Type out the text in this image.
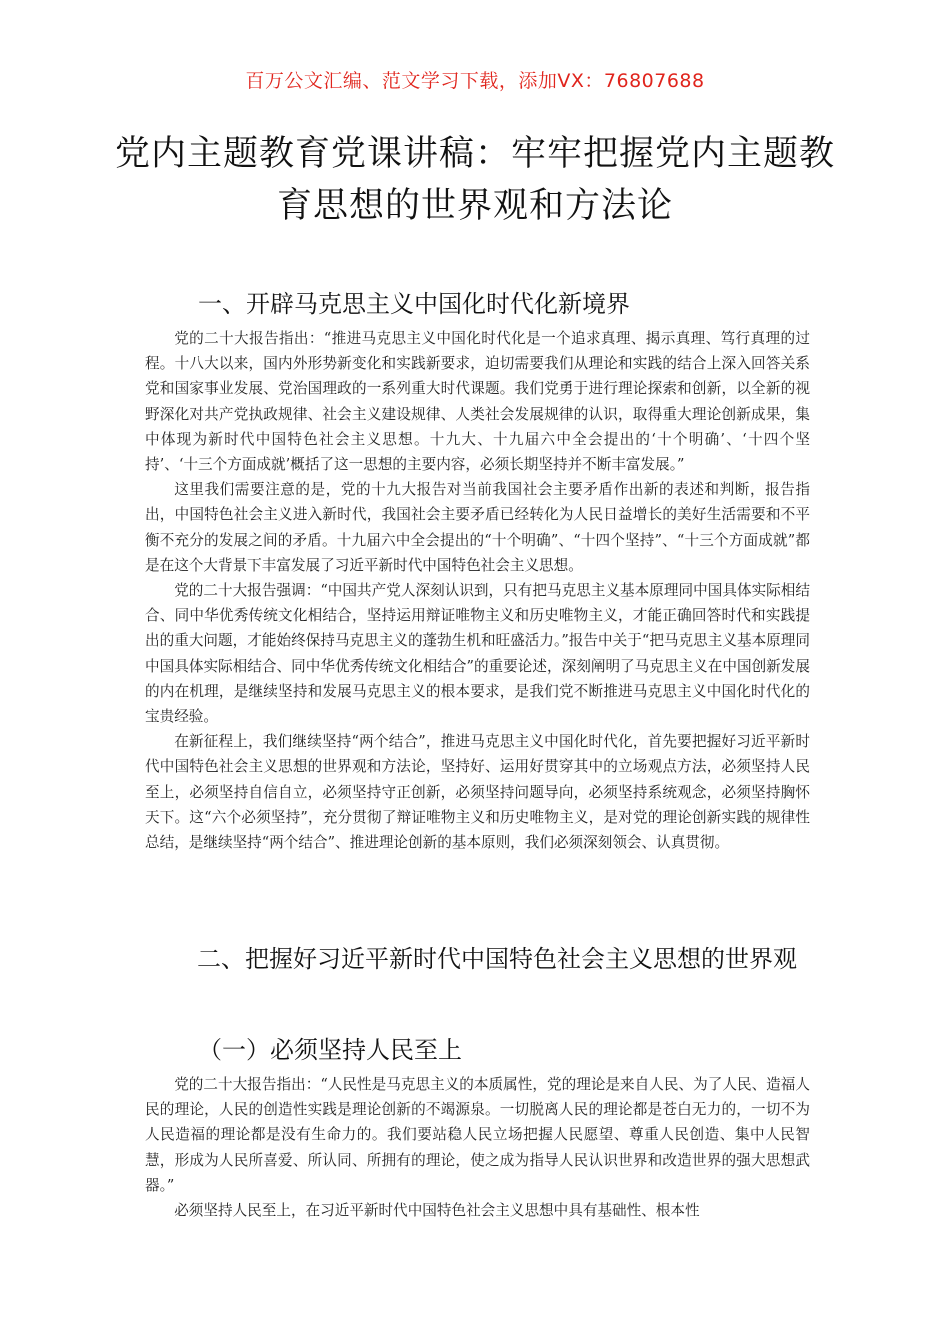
百万公文汇编、范文学习下载，添加VX：76807688
党内主题教育党课讲稿：牢牢把握党内主题教育思想的世界观和方法论
一、开辟马克思主义中国化时代化新境界

党的二十大报告指出：“推进马克思主义中国化时代化是一个追求真理、揭示真理、笃行真理的过程。十八大以来，国内外形势新变化和实践新要求，迫切需要我们从理论和实践的结合上深入回答关系党和国家事业发展、党治国理政的一系列重大时代课题。我们党勇于进行理论探索和创新，以全新的视野深化对共产党执政规律、社会主义建设规律、人类社会发展规律的认识，取得重大理论创新成果，集中体现为新时代中国特色社会主义思想。十九大、十九届六中全会提出的‘十个明确’、‘十四个坚持’、‘十三个方面成就’概括了这一思想的主要内容，必须长期坚持并不断丰富发展。”

这里我们需要注意的是，党的十九大报告对当前我国社会主要矛盾作出新的表述和判断，报告指出，中国特色社会主义进入新时代，我国社会主要矛盾已经转化为人民日益增长的美好生活需要和不平衡不充分的发展之间的矛盾。十九届六中全会提出的“十个明确”、“十四个坚持”、“十三个方面成就”都是在这个大背景下丰富发展了习近平新时代中国特色社会主义思想。

党的二十大报告强调：“中国共产党人深刻认识到，只有把马克思主义基本原理同中国具体实际相结合、同中华优秀传统文化相结合，坚持运用辩证唯物主义和历史唯物主义，才能正确回答时代和实践提出的重大问题，才能始终保持马克思主义的蓬勃生机和旺盛活力。”报告中关于“把马克思主义基本原理同中国具体实际相结合、同中华优秀传统文化相结合”的重要论述，深刻阐明了马克思主义在中国创新发展的内在机理，是继续坚持和发展马克思主义的根本要求，是我们党不断推进马克思主义中国化时代化的宝贵经验。

在新征程上，我们继续坚持“两个结合”，推进马克思主义中国化时代化，首先要把握好习近平新时代中国特色社会主义思想的世界观和方法论，坚持好、运用好贯穿其中的立场观点方法，必须坚持人民至上，必须坚持自信自立，必须坚持守正创新，必须坚持问题导向，必须坚持系统观念，必须坚持胸怀天下。这“六个必须坚持”，充分贯彻了辩证唯物主义和历史唯物主义，是对党的理论创新实践的规律性总结，是继续坚持“两个结合”、推进理论创新的基本原则，我们必须深刻领会、认真贯彻。

二、把握好习近平新时代中国特色社会主义思想的世界观
（一）必须坚持人民至上

党的二十大报告指出：“人民性是马克思主义的本质属性，党的理论是来自人民、为了人民、造福人民的理论，人民的创造性实践是理论创新的不竭源泉。一切脱离人民的理论都是苍白无力的，一切不为人民造福的理论都是没有生命力的。我们要站稳人民立场把握人民愿望、尊重人民创造、集中人民智慧，形成为人民所喜爱、所认同、所拥有的理论，使之成为指导人民认识世界和改造世界的强大思想武器。”

必须坚持人民至上，在习近平新时代中国特色社会主义思想中具有基础性、根本性
